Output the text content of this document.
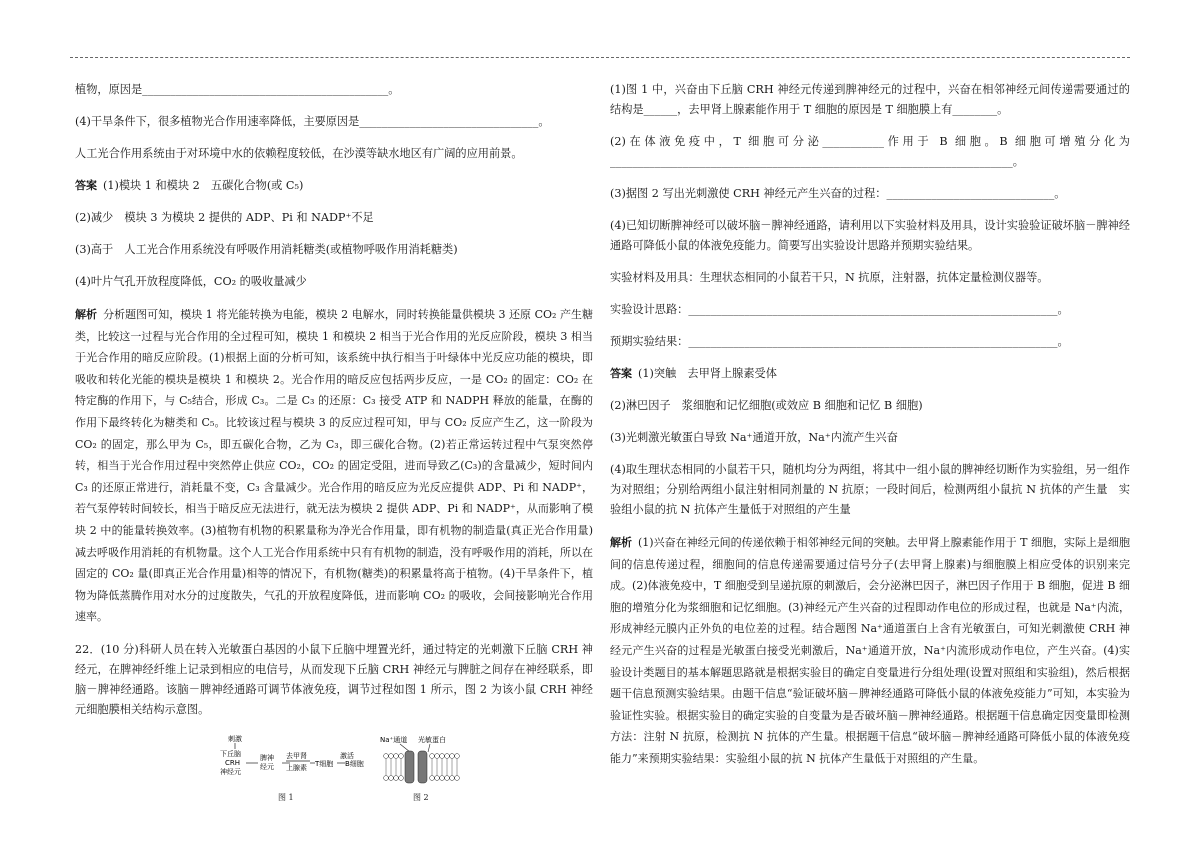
植物，原因是____________________________________________。

(4)干旱条件下，很多植物光合作用速率降低，主要原因是________________________________。

人工光合作用系统由于对环境中水的依赖程度较低，在沙漠等缺水地区有广阔的应用前景。

答案 (1)模块 1 和模块 2　五碳化合物(或 C₅)

(2)减少　模块 3 为模块 2 提供的 ADP、Pi 和 NADP⁺不足

(3)高于　人工光合作用系统没有呼吸作用消耗糖类(或植物呼吸作用消耗糖类)

(4)叶片气孔开放程度降低，CO₂ 的吸收量减少

解析 分析题图可知，模块 1 将光能转换为电能，模块 2 电解水，同时转换能量供模块 3 还原 CO₂ 产生糖类，比较这一过程与光合作用的全过程可知，模块 1 和模块 2 相当于光合作用的光反应阶段，模块 3 相当于光合作用的暗反应阶段。(1)根据上面的分析可知，该系统中执行相当于叶绿体中光反应功能的模块，即吸收和转化光能的模块是模块 1 和模块 2。光合作用的暗反应包括两步反应，一是 CO₂ 的固定：CO₂ 在特定酶的作用下，与 C₅结合，形成 C₃。二是 C₃ 的还原：C₃ 接受 ATP 和 NADPH 释放的能量，在酶的作用下最终转化为糖类和 C₅。比较该过程与模块 3 的反应过程可知，甲与 CO₂ 反应产生乙，这一阶段为 CO₂ 的固定，那么甲为 C₅，即五碳化合物，乙为 C₃，即三碳化合物。(2)若正常运转过程中气泵突然停转，相当于光合作用过程中突然停止供应 CO₂，CO₂ 的固定受阻，进而导致乙(C₃)的含量减少，短时间内 C₃ 的还原正常进行，消耗量不变，C₃ 含量减少。光合作用的暗反应为光反应提供 ADP、Pi 和 NADP⁺，若气泵停转时间较长，相当于暗反应无法进行，就无法为模块 2 提供 ADP、Pi 和 NADP⁺，从而影响了模块 2 中的能量转换效率。(3)植物有机物的积累量称为净光合作用量，即有机物的制造量(真正光合作用量)减去呼吸作用消耗的有机物量。这个人工光合作用系统中只有有机物的制造，没有呼吸作用的消耗，所以在固定的 CO₂ 量(即真正光合作用量)相等的情况下，有机物(糖类)的积累量将高于植物。(4)干旱条件下，植物为降低蒸腾作用对水分的过度散失，气孔的开放程度降低，进而影响 CO₂ 的吸收，会间接影响光合作用速率。

22．(10 分)科研人员在转入光敏蛋白基因的小鼠下丘脑中埋置光纤，通过特定的光刺激下丘脑 CRH 神经元，在脾神经纤维上记录到相应的电信号，从而发现下丘脑 CRH 神经元与脾脏之间存在神经联系，即脑－脾神经通路。该脑－脾神经通路可调节体液免疫，调节过程如图 1 所示，图 2 为该小鼠 CRH 神经元细胞膜相关结构示意图。

刺激
下丘脑
CRH
神经元
脾神
经元
去甲肾
上腺素 T细胞
激活
B细胞
图 1
Na⁺通道 光敏蛋白
图 2

(1)图 1 中，兴奋由下丘脑 CRH 神经元传递到脾神经元的过程中，兴奋在相邻神经元间传递需要通过的结构是______，去甲肾上腺素能作用于 T 细胞的原因是 T 细胞膜上有________。

(2)在体液免疫中，T 细胞可分泌___________作用于 B 细胞。B 细胞可增殖分化为________________________________________________________________________。

(3)据图 2 写出光刺激使 CRH 神经元产生兴奋的过程：______________________________。

(4)已知切断脾神经可以破坏脑－脾神经通路，请利用以下实验材料及用具，设计实验验证破坏脑－脾神经通路可降低小鼠的体液免疫能力。简要写出实验设计思路并预期实验结果。

实验材料及用具：生理状态相同的小鼠若干只，N 抗原，注射器，抗体定量检测仪器等。

实验设计思路：__________________________________________________________________。

预期实验结果：__________________________________________________________________。

答案 (1)突触　去甲肾上腺素受体

(2)淋巴因子　浆细胞和记忆细胞(或效应 B 细胞和记忆 B 细胞)

(3)光刺激光敏蛋白导致 Na⁺通道开放，Na⁺内流产生兴奋

(4)取生理状态相同的小鼠若干只，随机均分为两组，将其中一组小鼠的脾神经切断作为实验组，另一组作为对照组；分别给两组小鼠注射相同剂量的 N 抗原；一段时间后，检测两组小鼠抗 N 抗体的产生量　实验组小鼠的抗 N 抗体产生量低于对照组的产生量

解析 (1)兴奋在神经元间的传递依赖于相邻神经元间的突触。去甲肾上腺素能作用于 T 细胞，实际上是细胞间的信息传递过程，细胞间的信息传递需要通过信号分子(去甲肾上腺素)与细胞膜上相应受体的识别来完成。(2)体液免疫中，T 细胞受到呈递抗原的刺激后，会分泌淋巴因子，淋巴因子作用于 B 细胞，促进 B 细胞的增殖分化为浆细胞和记忆细胞。(3)神经元产生兴奋的过程即动作电位的形成过程，也就是 Na⁺内流，形成神经元膜内正外负的电位差的过程。结合题图 Na⁺通道蛋白上含有光敏蛋白，可知光刺激使 CRH 神经元产生兴奋的过程是光敏蛋白接受光刺激后，Na⁺通道开放，Na⁺内流形成动作电位，产生兴奋。(4)实验设计类题目的基本解题思路就是根据实验目的确定自变量进行分组处理(设置对照组和实验组)，然后根据题干信息预测实验结果。由题干信息“验证破坏脑－脾神经通路可降低小鼠的体液免疫能力”可知，本实验为验证性实验。根据实验目的确定实验的自变量为是否破坏脑－脾神经通路。根据题干信息确定因变量即检测方法：注射 N 抗原，检测抗 N 抗体的产生量。根据题干信息“破坏脑－脾神经通路可降低小鼠的体液免疫能力”来预期实验结果：实验组小鼠的抗 N 抗体产生量低于对照组的产生量。
